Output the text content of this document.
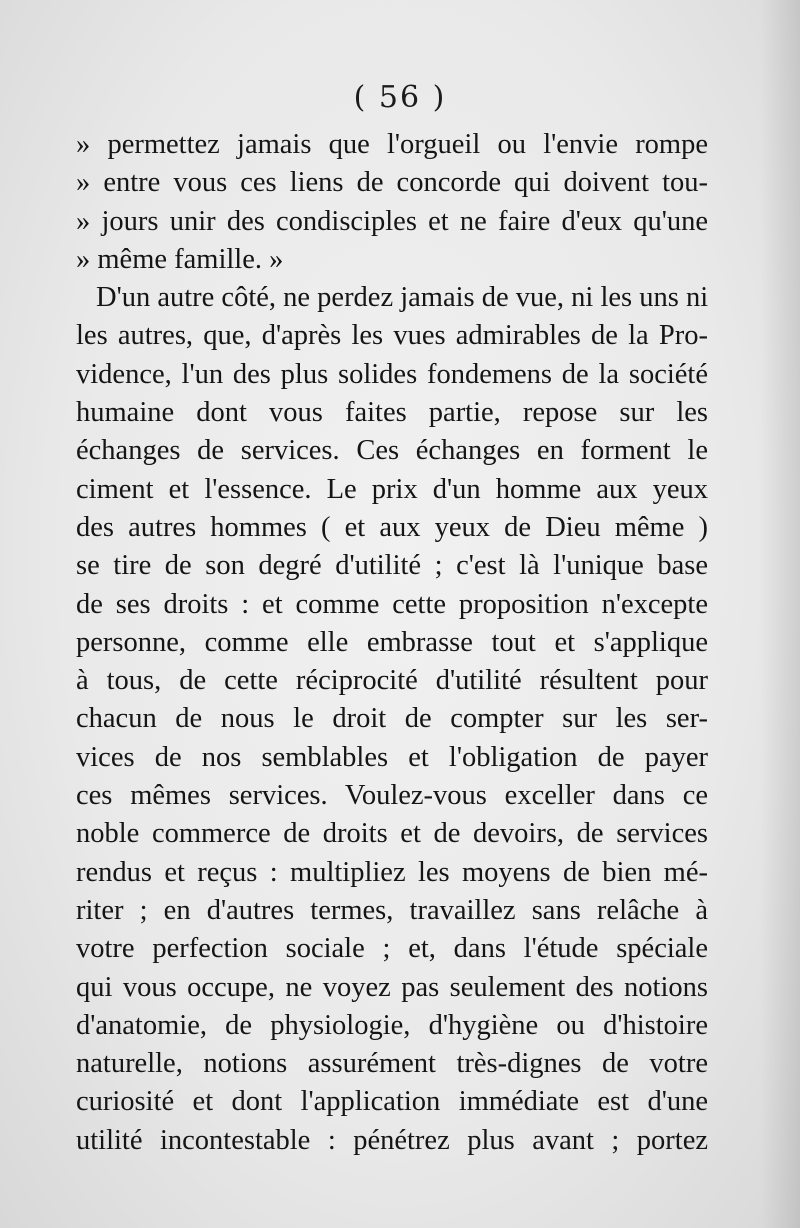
( 56 )
» permettez jamais que l'orgueil ou l'envie rompe
» entre vous ces liens de concorde qui doivent tou-
» jours unir des condisciples et ne faire d'eux qu'une
» même famille. »
D'un autre côté, ne perdez jamais de vue, ni les uns ni
les autres, que, d'après les vues admirables de la Pro-
vidence, l'un des plus solides fondemens de la société
humaine dont vous faites partie, repose sur les
échanges de services. Ces échanges en forment le
ciment et l'essence. Le prix d'un homme aux yeux
des autres hommes ( et aux yeux de Dieu même )
se tire de son degré d'utilité ; c'est là l'unique base
de ses droits : et comme cette proposition n'excepte
personne, comme elle embrasse tout et s'applique
à tous, de cette réciprocité d'utilité résultent pour
chacun de nous le droit de compter sur les ser-
vices de nos semblables et l'obligation de payer
ces mêmes services. Voulez-vous exceller dans ce
noble commerce de droits et de devoirs, de services
rendus et reçus : multipliez les moyens de bien mé-
riter ; en d'autres termes, travaillez sans relâche à
votre perfection sociale ; et, dans l'étude spéciale
qui vous occupe, ne voyez pas seulement des notions
d'anatomie, de physiologie, d'hygiène ou d'histoire
naturelle, notions assurément très-dignes de votre
curiosité et dont l'application immédiate est d'une
utilité incontestable : pénétrez plus avant ; portez
